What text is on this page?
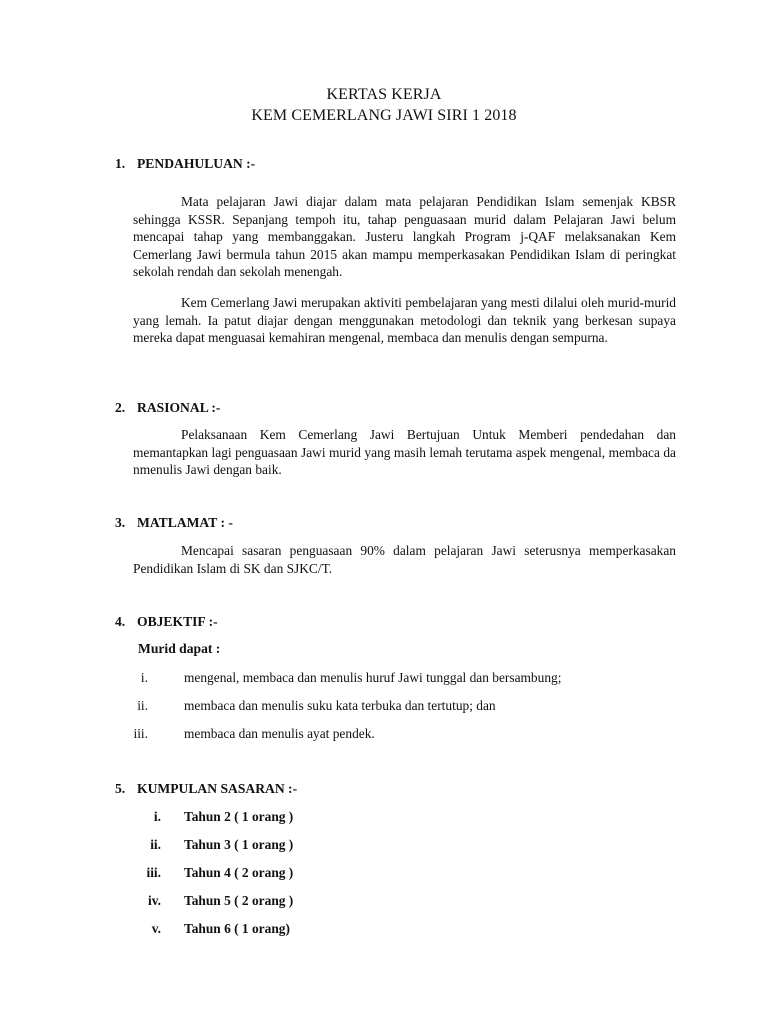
KERTAS KERJA
KEM CEMERLANG JAWI SIRI 1 2018
1. PENDAHULUAN :-
Mata pelajaran Jawi diajar dalam mata pelajaran Pendidikan Islam semenjak KBSR sehingga KSSR. Sepanjang tempoh itu, tahap penguasaan murid dalam Pelajaran Jawi belum mencapai tahap yang membanggakan. Justeru langkah Program j-QAF melaksanakan Kem Cemerlang Jawi bermula tahun 2015 akan mampu memperkasakan Pendidikan Islam di peringkat sekolah rendah dan sekolah menengah.
Kem Cemerlang Jawi merupakan aktiviti pembelajaran yang mesti dilalui oleh murid-murid yang lemah. Ia patut diajar dengan menggunakan metodologi dan teknik yang berkesan supaya mereka dapat menguasai kemahiran mengenal, membaca dan menulis dengan sempurna.
2. RASIONAL :-
Pelaksanaan Kem Cemerlang Jawi Bertujuan Untuk Memberi pendedahan dan memantapkan lagi penguasaan Jawi murid yang masih lemah terutama aspek mengenal, membaca da nmenulis Jawi dengan baik.
3. MATLAMAT : -
Mencapai sasaran penguasaan 90% dalam pelajaran Jawi seterusnya memperkasakan Pendidikan Islam di SK dan SJKC/T.
4. OBJEKTIF :-
Murid dapat :
i.	mengenal, membaca dan menulis huruf Jawi tunggal dan bersambung;
ii.	membaca dan menulis suku kata terbuka dan tertutup; dan
iii.	membaca dan menulis ayat pendek.
5. KUMPULAN SASARAN :-
i. Tahun 2 ( 1 orang )
ii. Tahun 3 ( 1 orang )
iii. Tahun 4 ( 2 orang )
iv. Tahun 5 ( 2 orang )
v. Tahun 6 ( 1 orang)
